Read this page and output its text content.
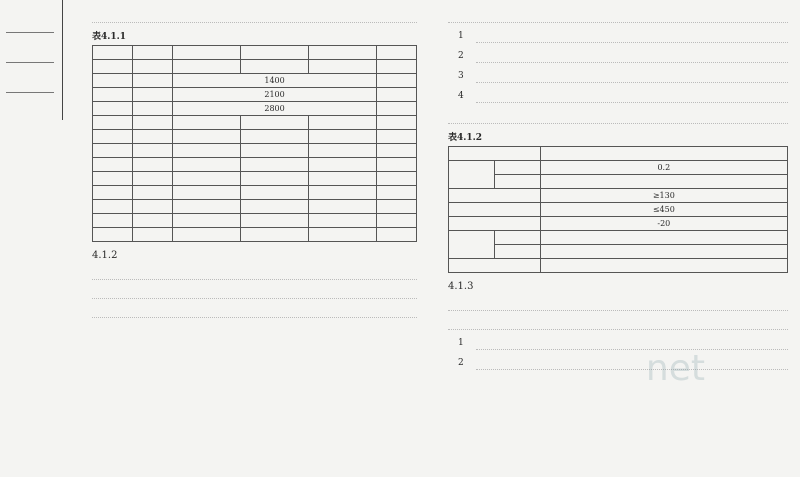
表4.1.1

		1400			
		2100			
		2800			

4.1.2
1
2
3
4
表4.1.2

		0.2

		≥130
		≤450
		-20

4.1.3
1
2	net
